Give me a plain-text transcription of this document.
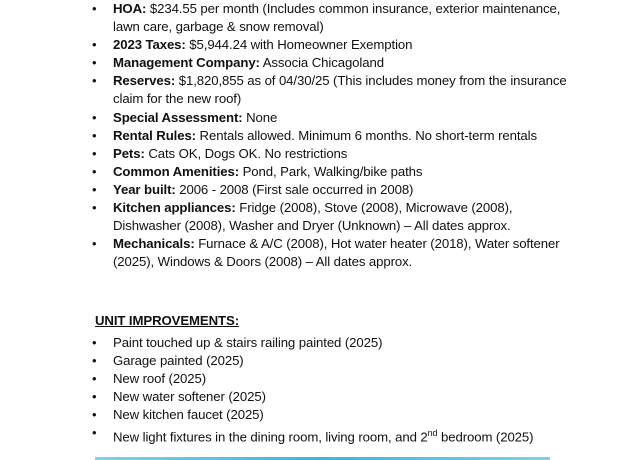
• HOA: $234.55 per month (Includes common insurance, exterior maintenance, lawn care, garbage & snow removal)
• 2023 Taxes: $5,944.24 with Homeowner Exemption
• Management Company: Associa Chicagoland
• Reserves: $1,820,855 as of 04/30/25 (This includes money from the insurance claim for the new roof)
• Special Assessment: None
• Rental Rules: Rentals allowed. Minimum 6 months. No short-term rentals
• Pets: Cats OK, Dogs OK. No restrictions
• Common Amenities: Pond, Park, Walking/bike paths
• Year built: 2006 - 2008 (First sale occurred in 2008)
• Kitchen appliances: Fridge (2008), Stove (2008), Microwave (2008), Dishwasher (2008), Washer and Dryer (Unknown) – All dates approx.
• Mechanicals: Furnace & A/C (2008), Hot water heater (2018), Water softener (2025), Windows & Doors (2008) – All dates approx.
UNIT IMPROVEMENTS:
• Paint touched up & stairs railing painted (2025)
• Garage painted (2025)
• New roof (2025)
• New water softener (2025)
• New kitchen faucet (2025)
• New light fixtures in the dining room, living room, and 2nd bedroom (2025)
